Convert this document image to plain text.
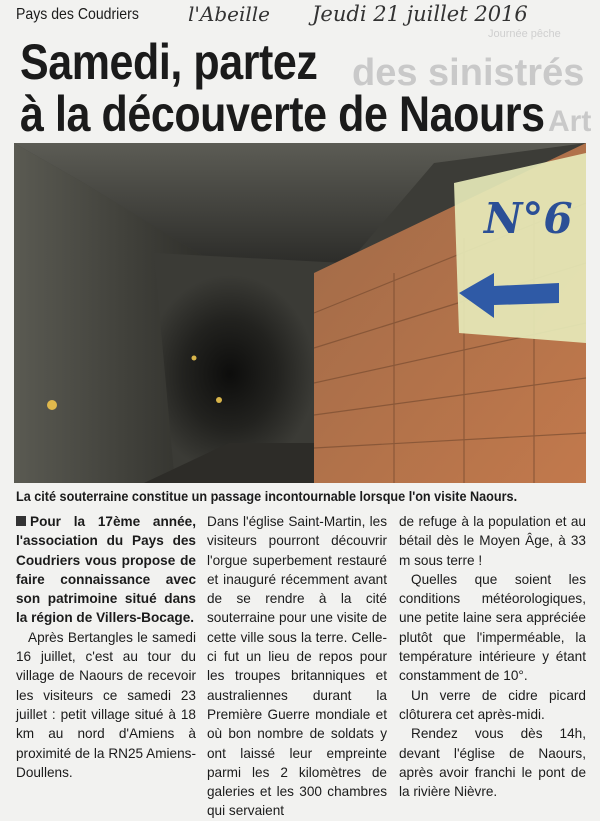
Journée pêche
des sinistrés
Art
Pays des Coudriers l'Abeille Jeudi 21 juillet 2016
Samedi, partez
à la découverte de Naours
N°6
La cité souterraine constitue un passage incontournable lorsque l'on visite Naours.

Pour la 17ème année, l'association du Pays des Coudriers vous propose de faire connaissance avec son patrimoine situé dans la région de Villers-Bocage.

Après Bertangles le samedi 16 juillet, c'est au tour du village de Naours de recevoir les visiteurs ce samedi 23 juillet : petit village situé à 18 km au nord d'Amiens à proximité de la RN25 Amiens-Doullens.

Dans l'église Saint-Martin, les visiteurs pourront découvrir l'orgue superbement restauré et inauguré récemment avant de se rendre à la cité souterraine pour une visite de cette ville sous la terre. Celle-ci fut un lieu de repos pour les troupes britanniques et australiennes durant la Première Guerre mondiale et où bon nombre de soldats y ont laissé leur empreinte parmi les 2 kilomètres de galeries et les 300 chambres qui servaient

de refuge à la population et au bétail dès le Moyen Âge, à 33 m sous terre !

Quelles que soient les conditions météorologiques, une petite laine sera appréciée plutôt que l'imperméable, la température intérieure y étant constamment de 10°.

Un verre de cidre picard clôturera cet après-midi.

Rendez vous dès 14h, devant l'église de Naours, après avoir franchi le pont de la rivière Nièvre.
